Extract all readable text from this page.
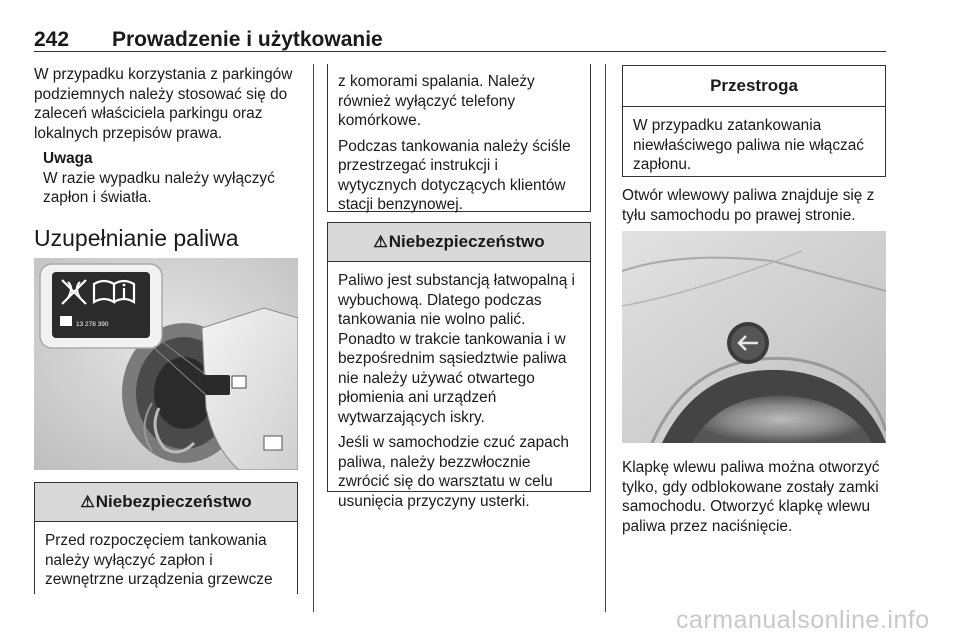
242 Prowadzenie i użytkowanie

W przypadku korzystania z parkingów podziemnych należy stosować się do zaleceń właściciela parkingu oraz lokalnych przepisów prawa.

Uwaga
W razie wypadku należy wyłączyć zapłon i światła.
Uzupełnianie paliwa
13 278 390
⚠Niebezpieczeństwo

Przed rozpoczęciem tankowania należy wyłączyć zapłon i zewnętrzne urządzenia grzewcze

z komorami spalania. Należy również wyłączyć telefony komórkowe.

Podczas tankowania należy ściśle przestrzegać instrukcji i wytycznych dotyczących klientów stacji benzynowej.

⚠Niebezpieczeństwo

Paliwo jest substancją łatwopalną i wybuchową. Dlatego podczas tankowania nie wolno palić. Ponadto w trakcie tankowania i w bezpośrednim sąsiedztwie paliwa nie należy używać otwartego płomienia ani urządzeń wytwarzających iskry.

Jeśli w samochodzie czuć zapach paliwa, należy bezzwłocznie zwrócić się do warsztatu w celu usunięcia przyczyny usterki.

Przestroga

W przypadku zatankowania niewłaściwego paliwa nie włączać zapłonu.

Otwór wlewowy paliwa znajduje się z tyłu samochodu po prawej stronie.
Klapkę wlewu paliwa można otworzyć tylko, gdy odblokowane zostały zamki samochodu. Otworzyć klapkę wlewu paliwa przez naciśnięcie.
carmanualsonline.info
